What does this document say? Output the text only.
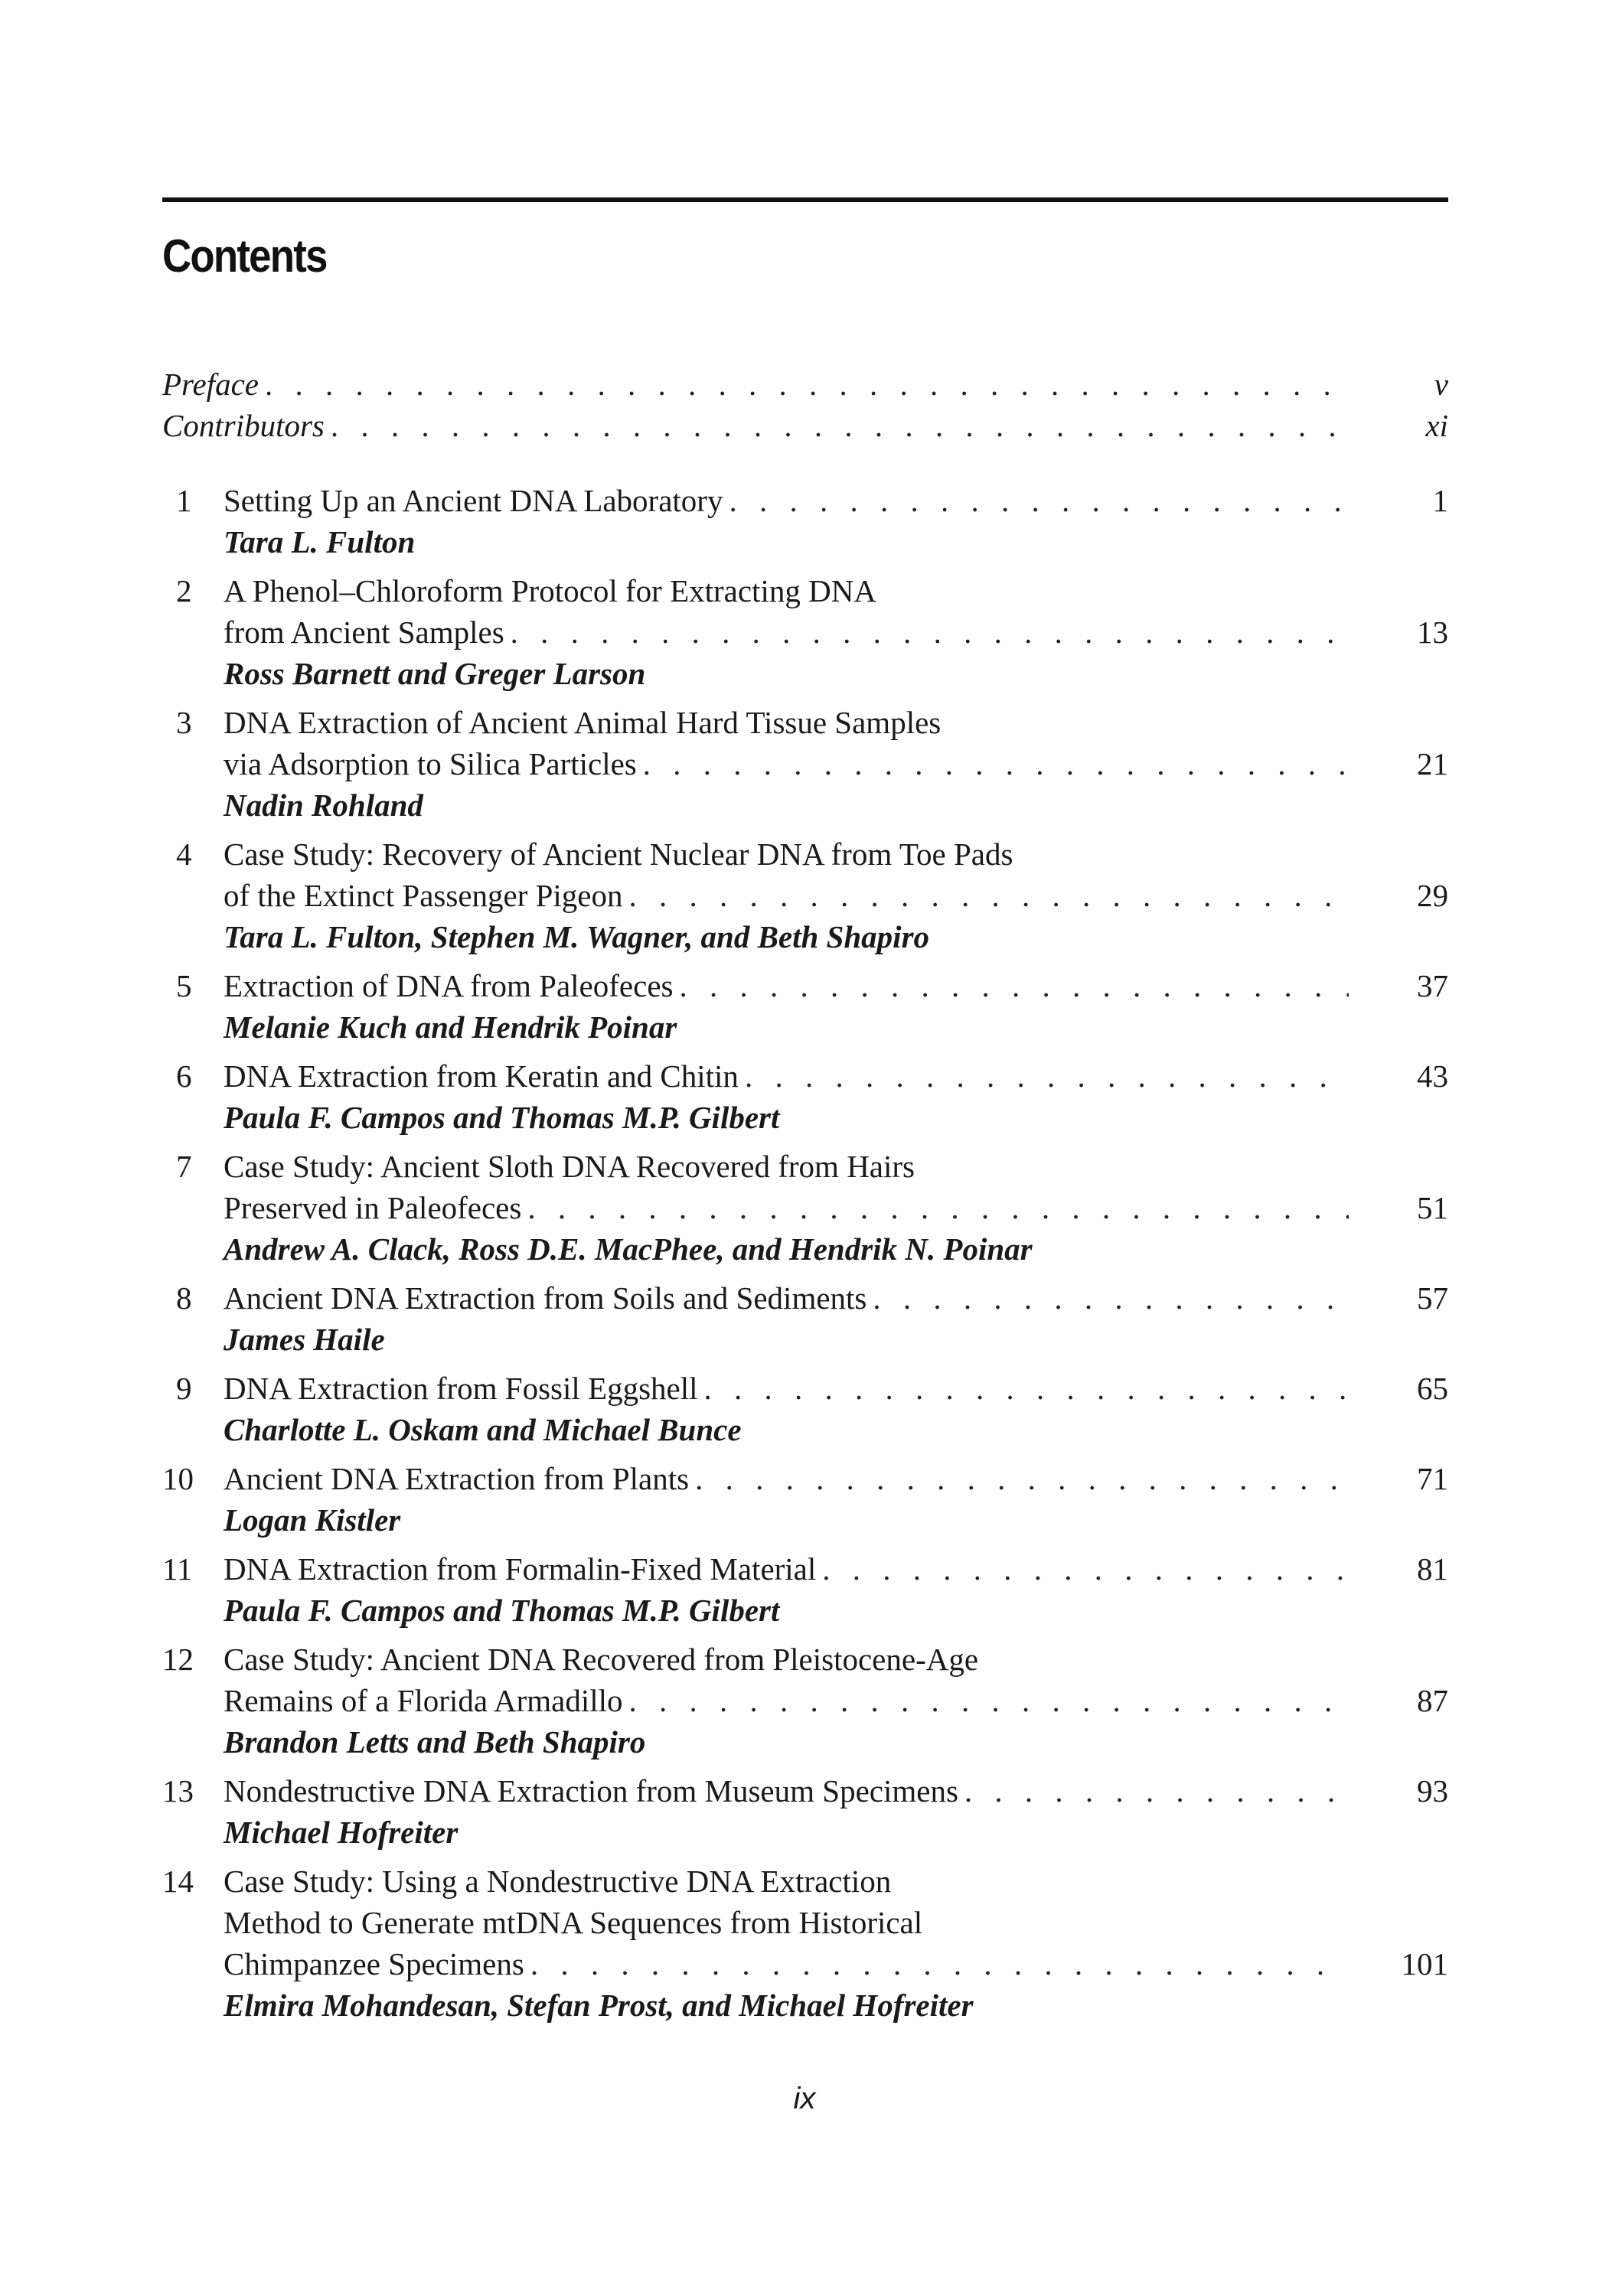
Contents
Preface . . .	v
Contributors . . .	xi
1	Setting Up an Ancient DNA Laboratory . . .	1
Tara L. Fulton
2	A Phenol–Chloroform Protocol for Extracting DNA
from Ancient Samples . . .	13
Ross Barnett and Greger Larson
3	DNA Extraction of Ancient Animal Hard Tissue Samples
via Adsorption to Silica Particles . . .	21
Nadin Rohland
4	Case Study: Recovery of Ancient Nuclear DNA from Toe Pads
of the Extinct Passenger Pigeon . . .	29
Tara L. Fulton, Stephen M. Wagner, and Beth Shapiro
5	Extraction of DNA from Paleofeces . . .	37
Melanie Kuch and Hendrik Poinar
6	DNA Extraction from Keratin and Chitin . . .	43
Paula F. Campos and Thomas M.P. Gilbert
7	Case Study: Ancient Sloth DNA Recovered from Hairs
Preserved in Paleofeces . . .	51
Andrew A. Clack, Ross D.E. MacPhee, and Hendrik N. Poinar
8	Ancient DNA Extraction from Soils and Sediments . . .	57
James Haile
9	DNA Extraction from Fossil Eggshell . . .	65
Charlotte L. Oskam and Michael Bunce
10 Ancient DNA Extraction from Plants . . .	71
Logan Kistler
11 DNA Extraction from Formalin-Fixed Material . . .	81
Paula F. Campos and Thomas M.P. Gilbert
12 Case Study: Ancient DNA Recovered from Pleistocene-Age
Remains of a Florida Armadillo . . .	87
Brandon Letts and Beth Shapiro
13 Nondestructive DNA Extraction from Museum Specimens . . .	93
Michael Hofreiter
14 Case Study: Using a Nondestructive DNA Extraction
Method to Generate mtDNA Sequences from Historical
Chimpanzee Specimens . . .	101
Elmira Mohandesan, Stefan Prost, and Michael Hofreiter
ix
